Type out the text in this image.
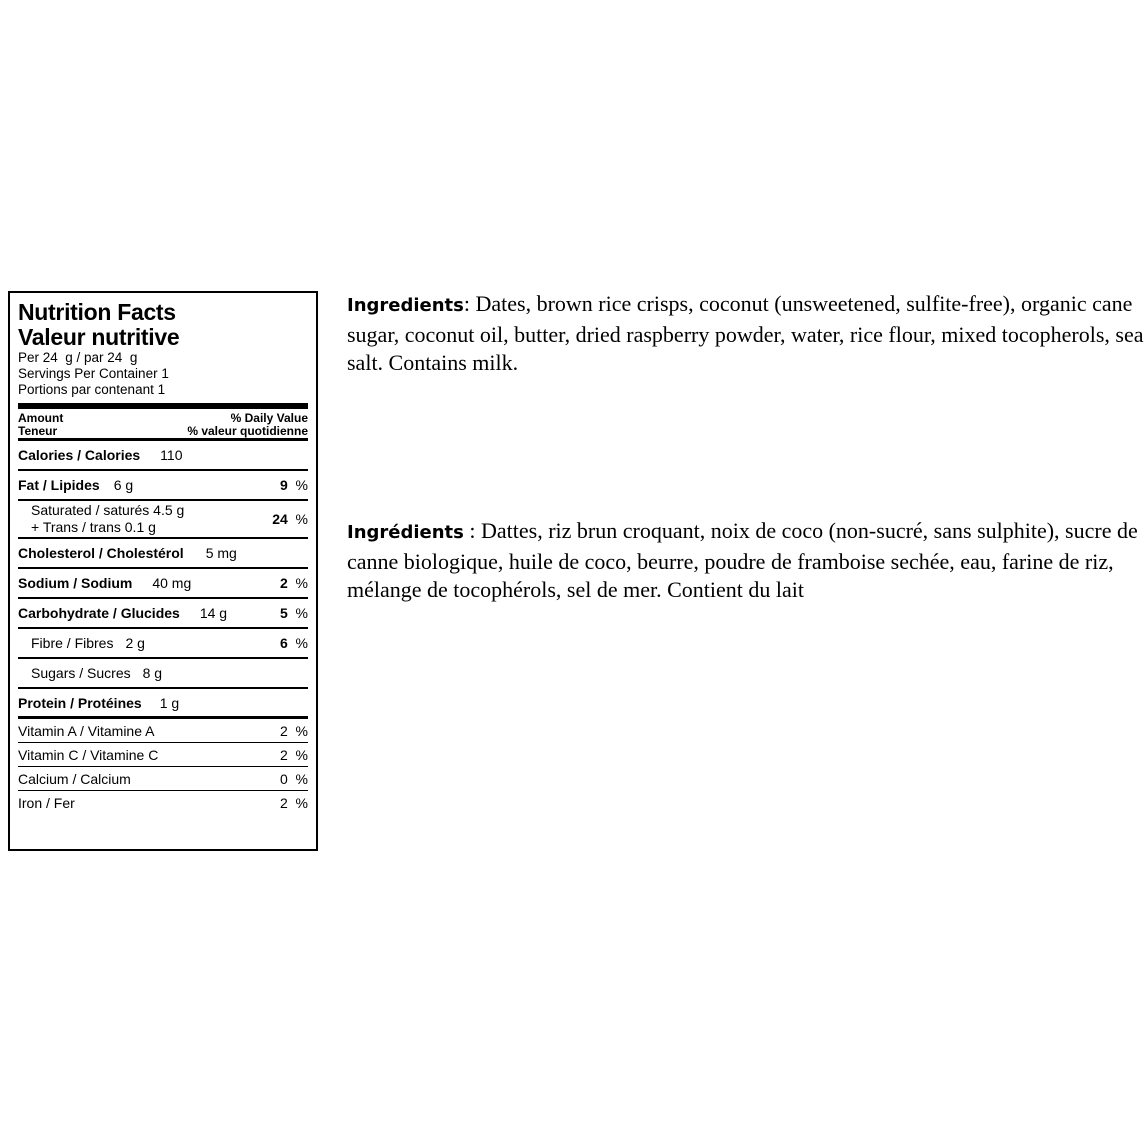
Nutrition Facts
Valeur nutritive
Per 24  g / par 24  g
Servings Per Container 1
Portions par contenant 1
Amount
Teneur
% Daily Value
% valeur quotidienne
Calories / Calories 110
Fat / Lipides 6 g	9 %
Saturated / saturés 4.5 g
+ Trans / trans 0.1 g	24 %
Cholesterol / Cholestérol 5 mg
Sodium / Sodium 40 mg	2 %
Carbohydrate / Glucides 14 g	5 %
Fibre / Fibres 2 g	6 %
Sugars / Sucres 8 g
Protein / Protéines 1 g
Vitamin A / Vitamine A	2  %
Vitamin C / Vitamine C	2  %
Calcium / Calcium	0  %
Iron / Fer	2  %
Ingredients: Dates, brown rice crisps, coconut (unsweetened, sulfite-free), organic cane sugar, coconut oil, butter, dried raspberry powder, water, rice flour, mixed tocopherols, sea salt. Contains milk.
Ingrédients : Dattes, riz brun croquant, noix de coco (non-sucré, sans sulphite), sucre de canne biologique, huile de coco, beurre, poudre de framboise sechée, eau, farine de riz, mélange de tocophérols, sel de mer. Contient du lait
